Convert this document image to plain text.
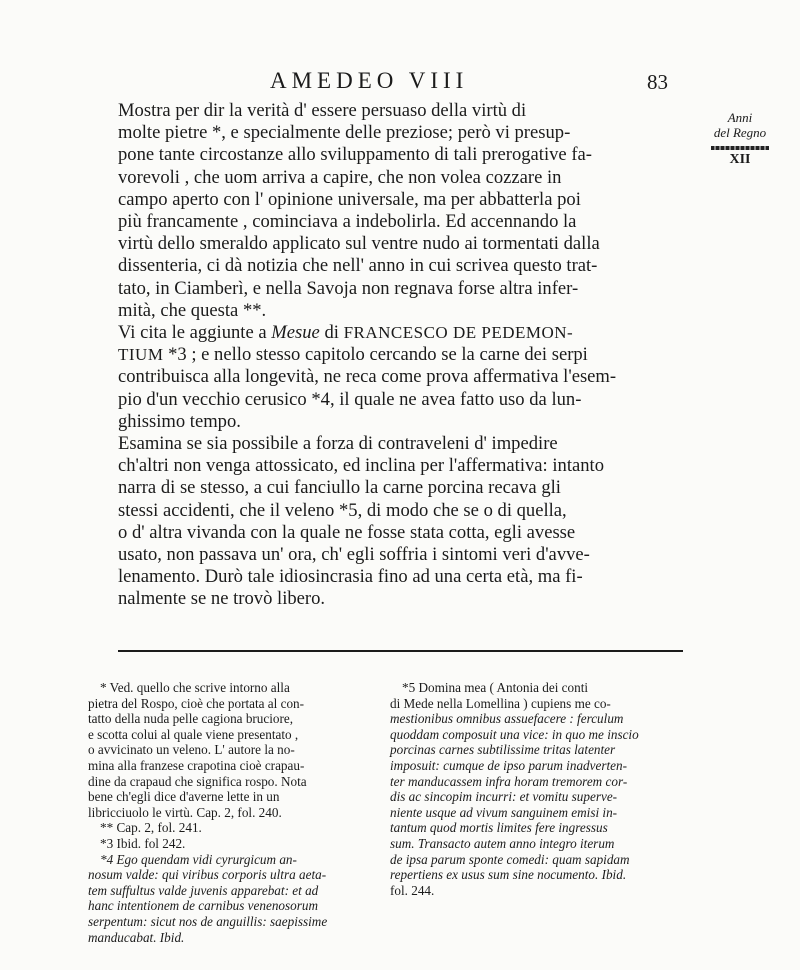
AMEDEO VIII	83
Anni
del Regno
XII

Mostra per dir la verità d' essere persuaso della virtù di
molte pietre *, e specialmente delle preziose; però vi presup-
pone tante circostanze allo sviluppamento di tali prerogative fa-
vorevoli , che uom arriva a capire, che non volea cozzare in
campo aperto con l' opinione universale, ma per abbatterla poi
più francamente , cominciava a indebolirla. Ed accennando la
virtù dello smeraldo applicato sul ventre nudo ai tormentati dalla
dissenteria, ci dà notizia che nell' anno in cui scrivea questo trat-
tato, in Ciamberì, e nella Savoja non regnava forse altra infer-
mità, che questa **.

Vi cita le aggiunte a Mesue di FRANCESCO DE PEDEMON-
TIUM *3 ; e nello stesso capitolo cercando se la carne dei serpi
contribuisca alla longevità, ne reca come prova affermativa l'esem-
pio d'un vecchio cerusico *4, il quale ne avea fatto uso da lun-
ghissimo tempo.

Esamina se sia possibile a forza di contraveleni d' impedire
ch'altri non venga attossicato, ed inclina per l'affermativa: intanto
narra di se stesso, a cui fanciullo la carne porcina recava gli
stessi accidenti, che il veleno *5, di modo che se o di quella,
o d' altra vivanda con la quale ne fosse stata cotta, egli avesse
usato, non passava un' ora, ch' egli soffria i sintomi veri d'avve-
lenamento. Durò tale idiosincrasia fino ad una certa età, ma fi-
nalmente se ne trovò libero.

* Ved. quello che scrive intorno alla
pietra del Rospo, cioè che portata al con-
tatto della nuda pelle cagiona bruciore,
e scotta colui al quale viene presentato ,
o avvicinato un veleno. L' autore la no-
mina alla franzese crapotina cioè crapau-
dine da crapaud che significa rospo. Nota
bene ch'egli dice d'averne lette in un
libricciuolo le virtù. Cap. 2, fol. 240.
** Cap. 2, fol. 241.
*3 Ibid. fol 242.
*4 Ego quendam vidi cyrurgicum an-
nosum valde: qui viribus corporis ultra aeta-
tem suffultus valde juvenis apparebat: et ad
hanc intentionem de carnibus venenosorum
serpentum: sicut nos de anguillis: saepissime
manducabat. Ibid.
*5 Domina mea ( Antonia dei conti
di Mede nella Lomellina ) cupiens me co-
mestionibus omnibus assuefacere : ferculum
quoddam composuit una vice: in quo me inscio
porcinas carnes subtilissime tritas latenter
imposuit: cumque de ipso parum inadverten-
ter manducassem infra horam tremorem cor-
dis ac sincopim incurri: et vomitu superve-
niente usque ad vivum sanguinem emisi in-
tantum quod mortis limites fere ingressus
sum. Transacto autem anno integro iterum
de ipsa parum sponte comedi: quam sapidam
repertiens ex usus sum sine nocumento. Ibid.
fol. 244.
